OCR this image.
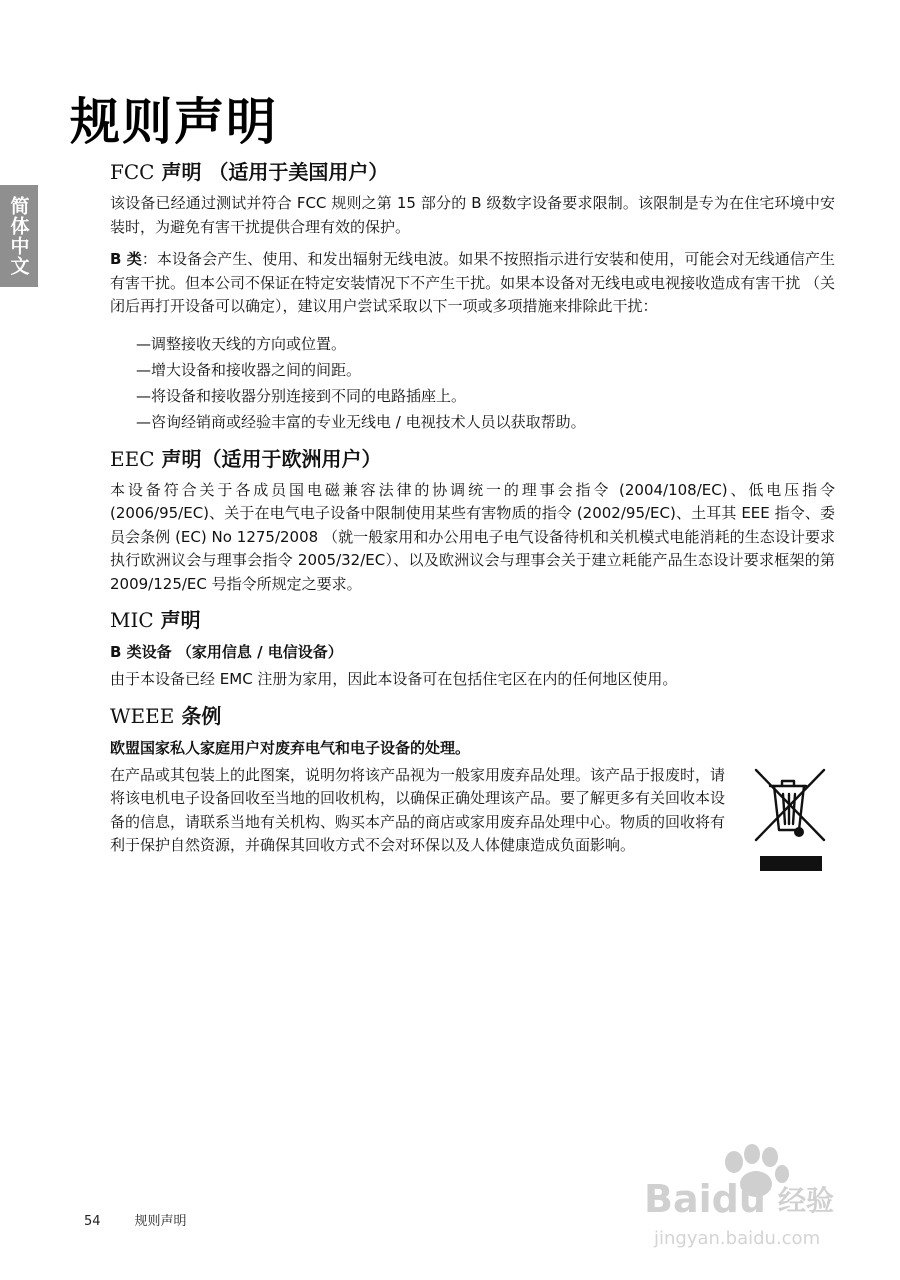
简体中文
规则声明
FCC 声明 （适用于美国用户）

该设备已经通过测试并符合 FCC 规则之第 15 部分的 B 级数字设备要求限制。该限制是专为在住宅环境中安装时，为避免有害干扰提供合理有效的保护。

B 类：本设备会产生、使用、和发出辐射无线电波。如果不按照指示进行安装和使用，可能会对无线通信产生有害干扰。但本公司不保证在特定安装情况下不产生干扰。如果本设备对无线电或电视接收造成有害干扰 （关闭后再打开设备可以确定），建议用户尝试采取以下一项或多项措施来排除此干扰：

—调整接收天线的方向或位置。
—增大设备和接收器之间的间距。
—将设备和接收器分别连接到不同的电路插座上。
—咨询经销商或经验丰富的专业无线电 / 电视技术人员以获取帮助。
EEC 声明（适用于欧洲用户）

本设备符合关于各成员国电磁兼容法律的协调统一的理事会指令 (2004/108/EC)、低电压指令 (2006/95/EC)、关于在电气电子设备中限制使用某些有害物质的指令 (2002/95/EC)、土耳其 EEE 指令、委员会条例 (EC) No 1275/2008 （就一般家用和办公用电子电气设备待机和关机模式电能消耗的生态设计要求执行欧洲议会与理事会指令 2005/32/EC）、以及欧洲议会与理事会关于建立耗能产品生态设计要求框架的第 2009/125/EC 号指令所规定之要求。

MIC 声明
B 类设备 （家用信息 / 电信设备）

由于本设备已经 EMC 注册为家用，因此本设备可在包括住宅区在内的任何地区使用。

WEEE 条例
欧盟国家私人家庭用户对废弃电气和电子设备的处理。

在产品或其包装上的此图案，说明勿将该产品视为一般家用废弃品处理。该产品于报废时，请将该电机电子设备回收至当地的回收机构，以确保正确处理该产品。要了解更多有关回收本设备的信息，请联系当地有关机构、购买本产品的商店或家用废弃品处理中心。物质的回收将有利于保护自然资源，并确保其回收方式不会对环保以及人体健康造成负面影响。

54	规则声明
Baidu 经验
jingyan.baidu.com
